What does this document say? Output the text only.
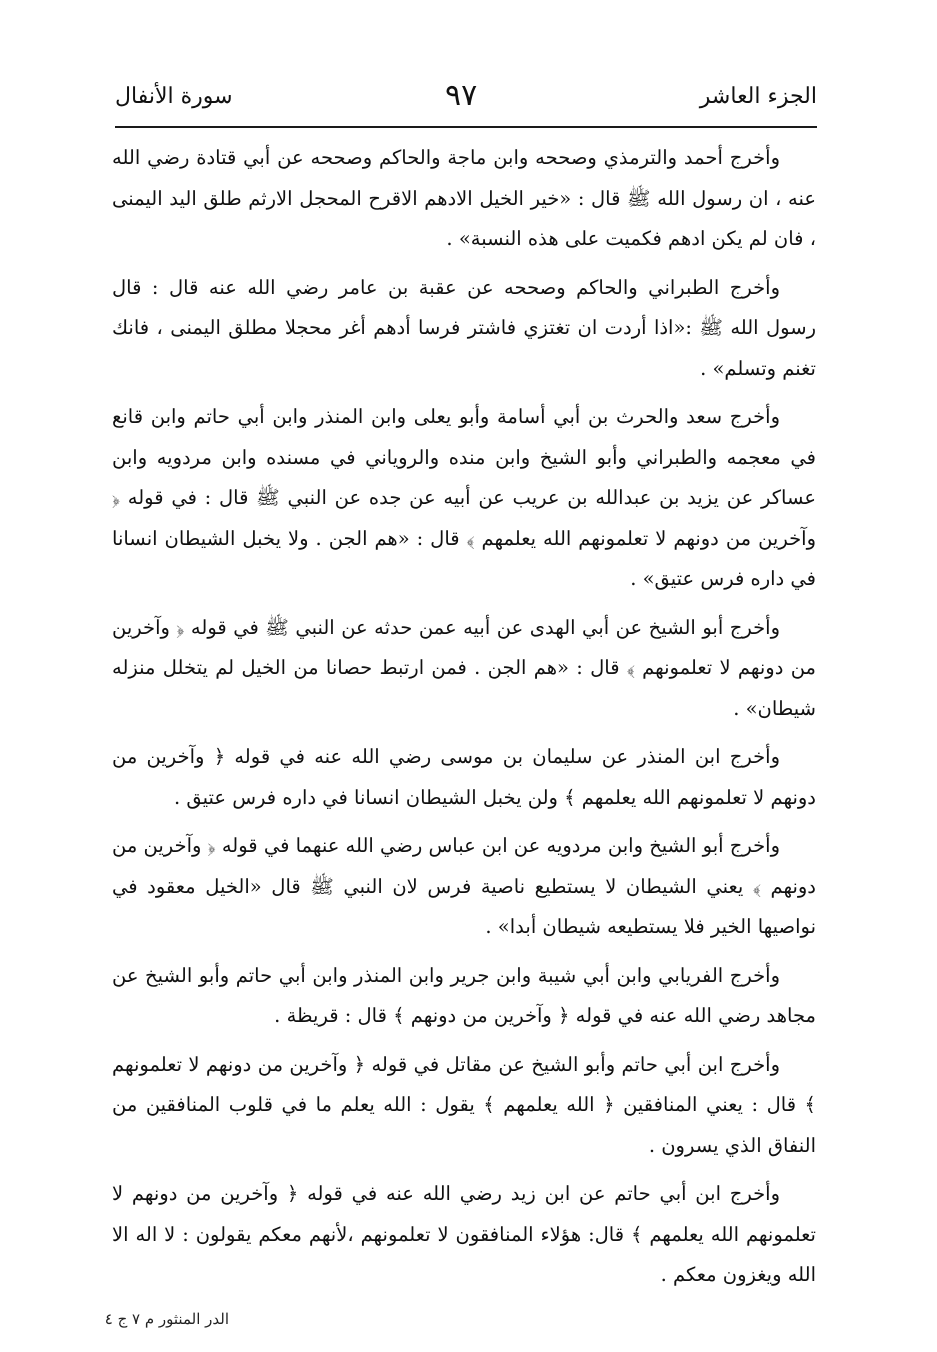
الجزء العاشر
٩٧
سورة الأنفال

وأخرج أحمد والترمذي وصححه وابن ماجة والحاكم وصححه عن أبي قتادة رضي الله عنه ، ان رسول الله ﷺ قال : «خير الخيل الادهم الاقرح المحجل الارثم طلق اليد اليمنى ، فان لم يكن ادهم فكميت على هذه النسبة» .

وأخرج الطبراني والحاكم وصححه عن عقبة بن عامر رضي الله عنه قال : قال رسول الله ﷺ :«اذا أردت ان تغتزي فاشتر فرسا أدهم أغر محجلا مطلق اليمنى ، فانك تغنم وتسلم» .

وأخرج سعد والحرث بن أبي أسامة وأبو يعلى وابن المنذر وابن أبي حاتم وابن قانع في معجمه والطبراني وأبو الشيخ وابن منده والروياني في مسنده وابن مردويه وابن عساكر عن يزيد بن عبدالله بن عريب عن أبيه عن جده عن النبي ﷺ قال : في قوله ﴿ وآخرين من دونهم لا تعلمونهم الله يعلمهم ﴾ قال : «هم الجن . ولا يخبل الشيطان انسانا في داره فرس عتيق» .

وأخرج أبو الشيخ عن أبي الهدى عن أبيه عمن حدثه عن النبي ﷺ في قوله ﴿ وآخرين من دونهم لا تعلمونهم ﴾ قال : «هم الجن . فمن ارتبط حصانا من الخيل لم يتخلل منزله شيطان» .

وأخرج ابن المنذر عن سليمان بن موسى رضي الله عنه في قوله ﴿ وآخرين من دونهم لا تعلمونهم الله يعلمهم ﴾ ولن يخبل الشيطان انسانا في داره فرس عتيق .

وأخرج أبو الشيخ وابن مردويه عن ابن عباس رضي الله عنهما في قوله ﴿ وآخرين من دونهم ﴾ يعني الشيطان لا يستطيع ناصية فرس لان النبي ﷺ قال «الخيل معقود في نواصيها الخير فلا يستطيعه شيطان أبدا» .

وأخرج الفريابي وابن أبي شيبة وابن جرير وابن المنذر وابن أبي حاتم وأبو الشيخ عن مجاهد رضي الله عنه في قوله ﴿ وآخرين من دونهم ﴾ قال : قريظة .

وأخرج ابن أبي حاتم وأبو الشيخ عن مقاتل في قوله ﴿ وآخرين من دونهم لا تعلمونهم ﴾ قال : يعني المنافقين ﴿ الله يعلمهم ﴾ يقول : الله يعلم ما في قلوب المنافقين من النفاق الذي يسرون .

وأخرج ابن أبي حاتم عن ابن زيد رضي الله عنه في قوله ﴿ وآخرين من دونهم لا تعلمونهم الله يعلمهم ﴾ قال: هؤلاء المنافقون لا تعلمونهم ،لأنهم معكم يقولون : لا اله الا الله ويغزون معكم .

الدر المنثور م ٧ ج ٤
